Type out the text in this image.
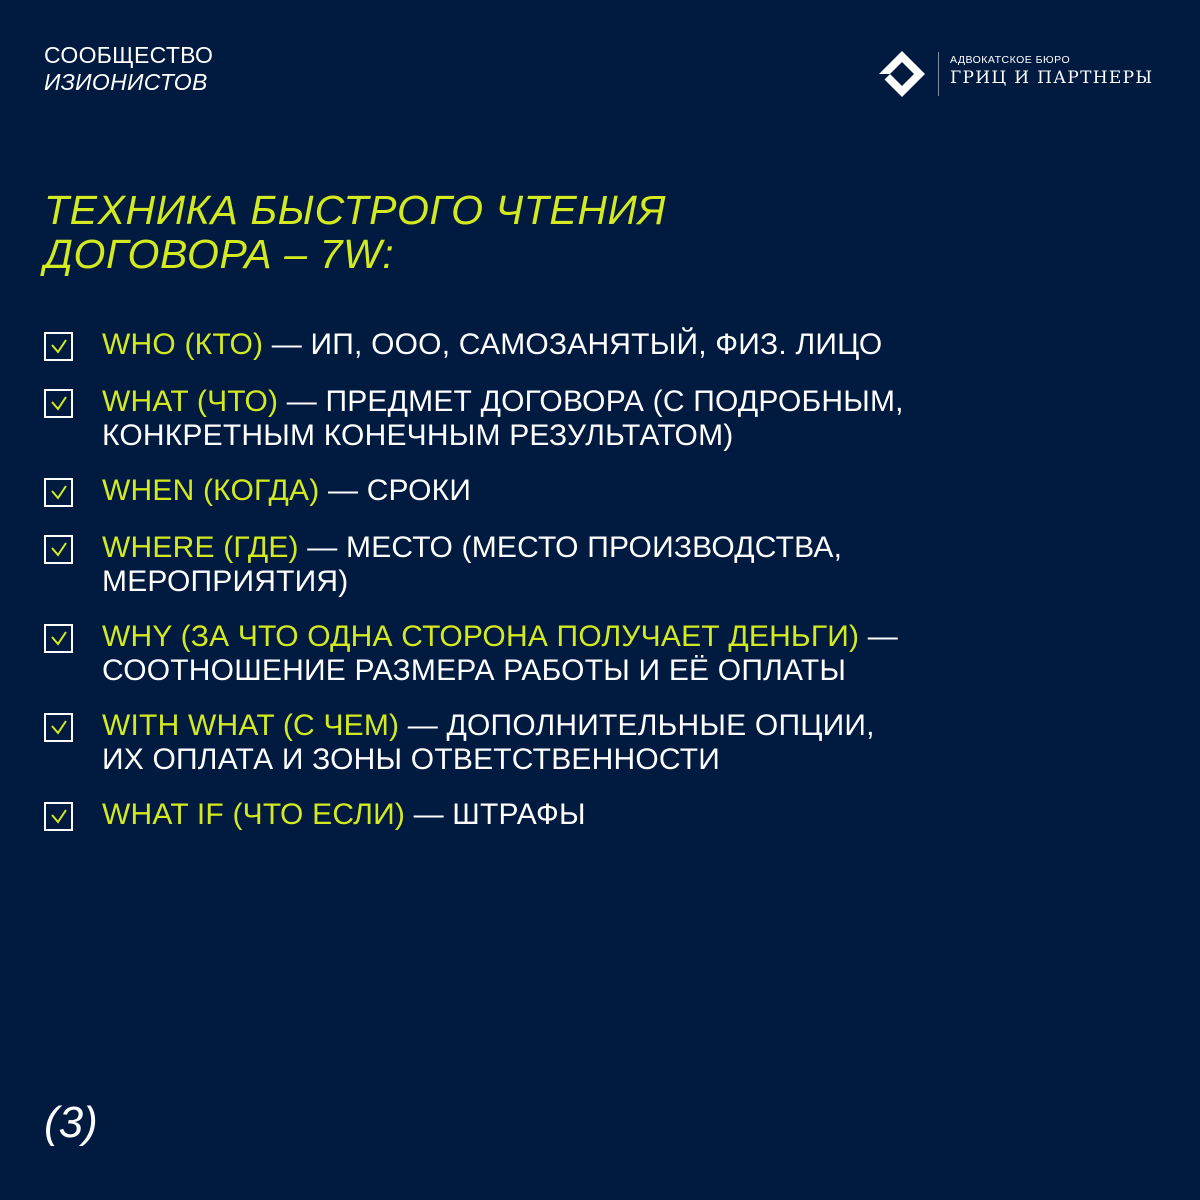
СООБЩЕСТВО
ИЗИОНИСТОВ
АДВОКАТСКОЕ БЮРО
ГРИЦ И ПАРТНЕРЫ
ТЕХНИКА БЫСТРОГО ЧТЕНИЯ
ДОГОВОРА – 7W:
WHO (КТО) — ИП, ООО, САМОЗАНЯТЫЙ, ФИЗ. ЛИЦО
WHAT (ЧТО) — ПРЕДМЕТ ДОГОВОРА (С ПОДРОБНЫМ,
КОНКРЕТНЫМ КОНЕЧНЫМ РЕЗУЛЬТАТОМ)
WHEN (КОГДА) — СРОКИ
WHERE (ГДЕ) — МЕСТО (МЕСТО ПРОИЗВОДСТВА,
МЕРОПРИЯТИЯ)
WHY (ЗА ЧТО ОДНА СТОРОНА ПОЛУЧАЕТ ДЕНЬГИ) —
СООТНОШЕНИЕ РАЗМЕРА РАБОТЫ И ЕЁ ОПЛАТЫ
WITH WHAT (С ЧЕМ) — ДОПОЛНИТЕЛЬНЫЕ ОПЦИИ,
ИХ ОПЛАТА И ЗОНЫ ОТВЕТСТВЕННОСТИ
WHAT IF (ЧТО ЕСЛИ) — ШТРАФЫ
(3)
